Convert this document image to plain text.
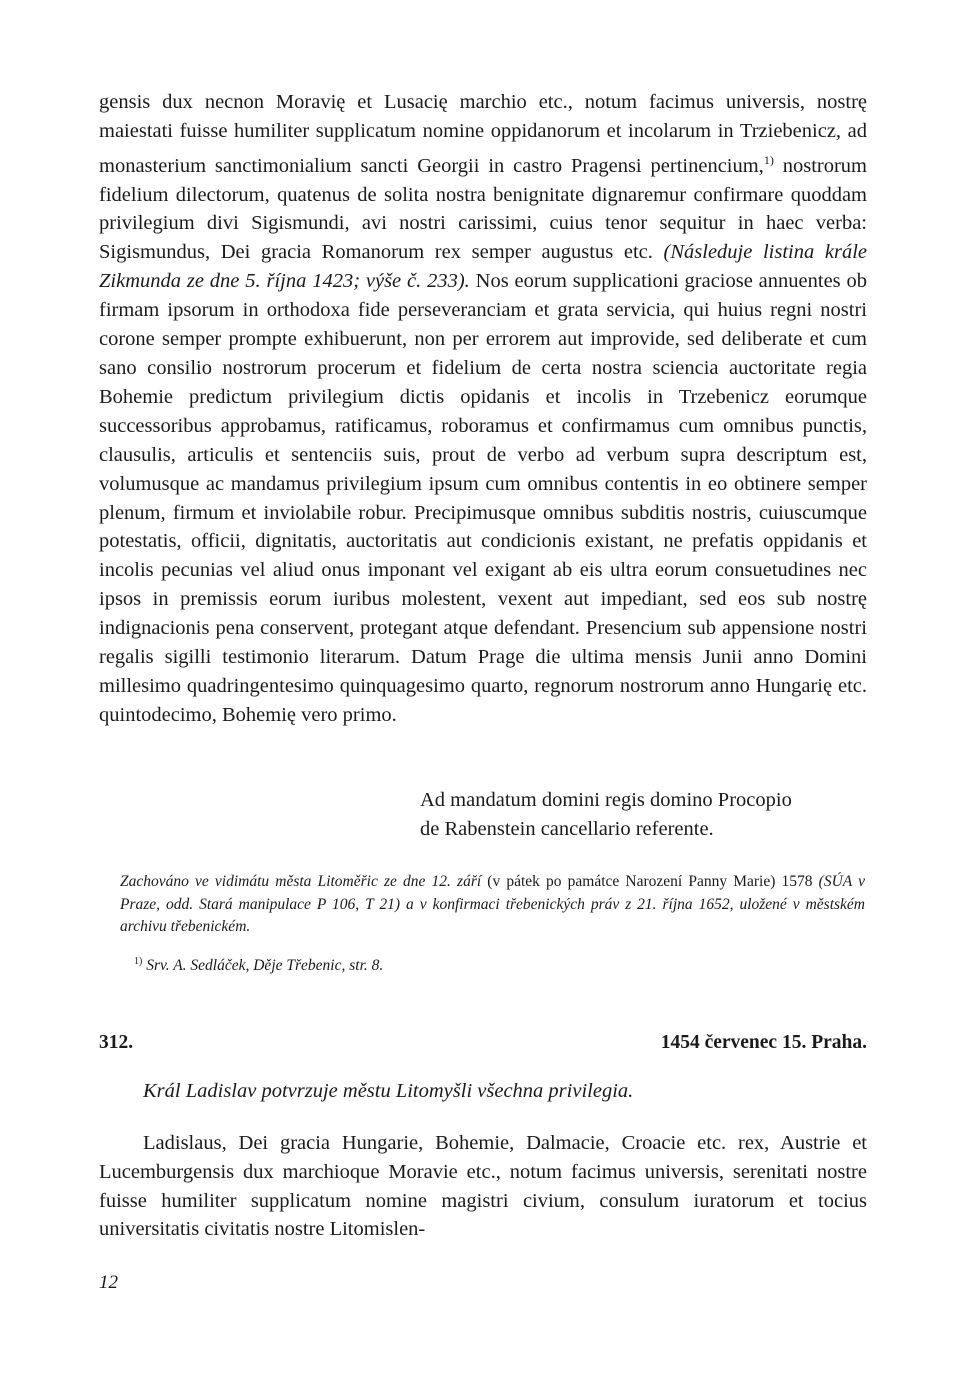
gensis dux necnon Moravię et Lusacię marchio etc., notum facimus universis, nostrę maiestati fuisse humiliter supplicatum nomine oppidanorum et incolarum in Trziebenicz, ad monasterium sanctimonialium sancti Georgii in castro Pragensi pertinencium,$^{1)}$ nostrorum fidelium dilectorum, quatenus de solita nostra benignitate dignaremur confirmare quoddam privilegium divi Sigismundi, avi nostri carissimi, cuius tenor sequitur in haec verba: Sigismundus, Dei gracia Romanorum rex semper augustus etc. (Následuje listina krále Zikmunda ze dne 5. října 1423; výše č. 233). Nos eorum supplicationi graciose annuentes ob firmam ipsorum in orthodoxa fide perseveranciam et grata servicia, qui huius regni nostri corone semper prompte exhibuerunt, non per errorem aut improvide, sed deliberate et cum sano consilio nostrorum procerum et fidelium de certa nostra sciencia auctoritate regia Bohemie predictum privilegium dictis opidanis et incolis in Trzebenicz eorumque successoribus approbamus, ratificamus, roboramus et confirmamus cum omnibus punctis, clausulis, articulis et sentenciis suis, prout de verbo ad verbum supra descriptum est, volumusque ac mandamus privilegium ipsum cum omnibus contentis in eo obtinere semper plenum, firmum et inviolabile robur. Precipimusque omnibus subditis nostris, cuiuscumque potestatis, officii, dignitatis, auctoritatis aut condicionis existant, ne prefatis oppidanis et incolis pecunias vel aliud onus imponant vel exigant ab eis ultra eorum consuetudines nec ipsos in premissis eorum iuribus molestent, vexent aut impediant, sed eos sub nostrę indignacionis pena conservent, protegant atque defendant. Presencium sub appensione nostri regalis sigilli testimonio literarum. Datum Prage die ultima mensis Junii anno Domini millesimo quadringentesimo quinquagesimo quarto, regnorum nostrorum anno Hungarię etc. quintodecimo, Bohemię vero primo.

Ad mandatum domini regis domino Procopio
de Rabenstein cancellario referente.
Zachováno ve vidimátu města Litoměřic ze dne 12. září (v pátek po památce Narození Panny Marie) 1578 (SÚA v Praze, odd. Stará manipulace P 106, T 21) a v konfirmaci třebenických práv z 21. října 1652, uložené v městském archivu třebenickém.
$^{1)}$ Srv. A. Sedláček, Děje Třebenic, str. 8.
312.	1454 červenec 15. Praha.
Král Ladislav potvrzuje městu Litomyšli všechna privilegia.

Ladislaus, Dei gracia Hungarie, Bohemie, Dalmacie, Croacie etc. rex, Austrie et Lucemburgensis dux marchioque Moravie etc., notum facimus universis, serenitati nostre fuisse humiliter supplicatum nomine magistri civium, consulum iuratorum et tocius universitatis civitatis nostre Litomislen-

12
